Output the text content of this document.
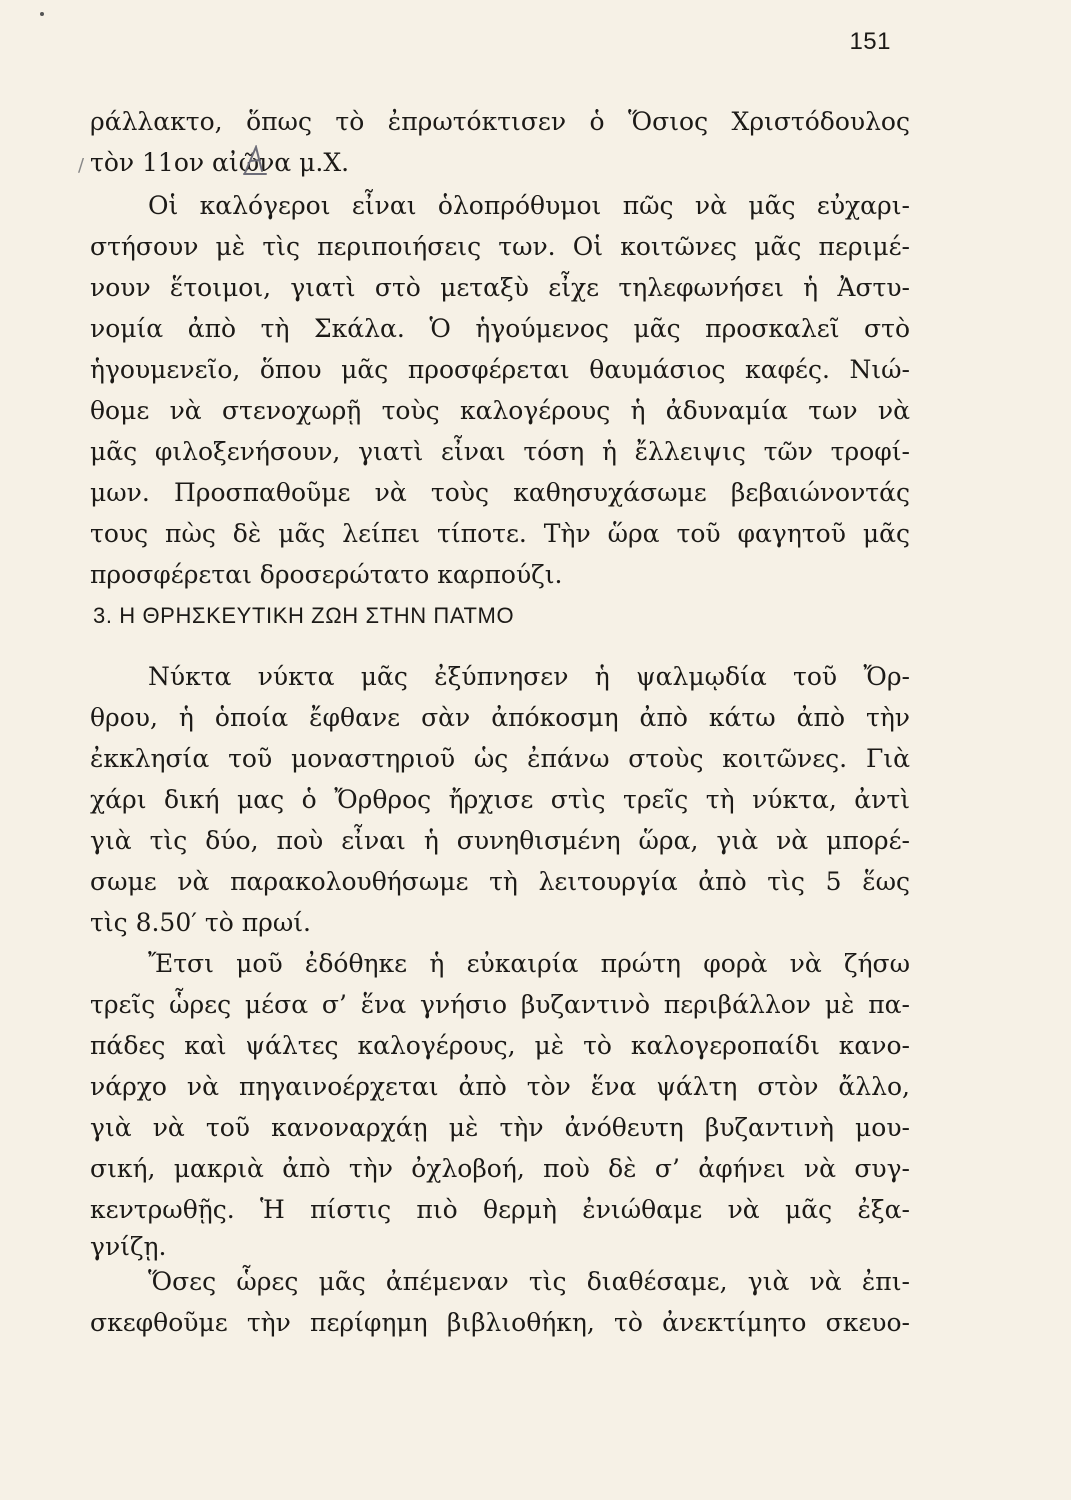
151
/
ράλλακτο, ὅπως τὸ ἐπρωτόκτισεν ὁ Ὅσιος Χριστόδουλος
τὸν 11ον αἰῶνα μ.Χ.
Οἱ καλόγεροι εἶναι ὁλοπρόθυμοι πῶς νὰ μᾶς εὐχαρι-
στήσουν μὲ τὶς περιποιήσεις των. Οἱ κοιτῶνες μᾶς περιμέ-
νουν ἕτοιμοι, γιατὶ στὸ μεταξὺ εἶχε τηλεφωνήσει ἡ Ἀστυ-
νομία ἀπὸ τὴ Σκάλα. Ὁ ἡγούμενος μᾶς προσκαλεῖ στὸ
ἡγουμενεῖο, ὅπου μᾶς προσφέρεται θαυμάσιος καφές. Νιώ-
θομε νὰ στενοχωρῇ τοὺς καλογέρους ἡ ἀδυναμία των νὰ
μᾶς φιλοξενήσουν, γιατὶ εἶναι τόση ἡ ἔλλειψις τῶν τροφί-
μων. Προσπαθοῦμε νὰ τοὺς καθησυχάσωμε βεβαιώνοντάς
τους πὼς δὲ μᾶς λείπει τίποτε. Τὴν ὥρα τοῦ φαγητοῦ μᾶς
προσφέρεται δροσερώτατο καρπούζι.
3. Η ΘΡΗΣΚΕΥΤΙΚΗ ΖΩΗ ΣΤΗΝ ΠΑΤΜΟ
Νύκτα νύκτα μᾶς ἐξύπνησεν ἡ ψαλμῳδία τοῦ Ὄρ-
θρου, ἡ ὁποία ἔφθανε σὰν ἀπόκοσμη ἀπὸ κάτω ἀπὸ τὴν
ἐκκλησία τοῦ μοναστηριοῦ ὡς ἐπάνω στοὺς κοιτῶνες. Γιὰ
χάρι δική μας ὁ Ὄρθρος ἤρχισε στὶς τρεῖς τὴ νύκτα, ἀντὶ
γιὰ τὶς δύο, ποὺ εἶναι ἡ συνηθισμένη ὥρα, γιὰ νὰ μπορέ-
σωμε νὰ παρακολουθήσωμε τὴ λειτουργία ἀπὸ τὶς 5 ἕως
τὶς 8.50′ τὸ πρωί.
Ἔτσι μοῦ ἐδόθηκε ἡ εὐκαιρία πρώτη φορὰ νὰ ζήσω
τρεῖς ὧρες μέσα σ’ ἕνα γνήσιο βυζαντινὸ περιβάλλον μὲ πα-
πάδες καὶ ψάλτες καλογέρους, μὲ τὸ καλογεροπαίδι κανο-
νάρχο νὰ πηγαινοέρχεται ἀπὸ τὸν ἕνα ψάλτη στὸν ἄλλο,
γιὰ νὰ τοῦ κανοναρχάῃ μὲ τὴν ἀνόθευτη βυζαντινὴ μου-
σική, μακριὰ ἀπὸ τὴν ὀχλοβοή, ποὺ δὲ σ’ ἀφήνει νὰ συγ-
κεντρωθῇς. Ἡ πίστις πιὸ θερμὴ ἐνιώθαμε νὰ μᾶς ἐξα-
γνίζῃ.
Ὅσες ὧρες μᾶς ἀπέμεναν τὶς διαθέσαμε, γιὰ νὰ ἐπι-
σκεφθοῦμε τὴν περίφημη βιβλιοθήκη, τὸ ἀνεκτίμητο σκευο-
